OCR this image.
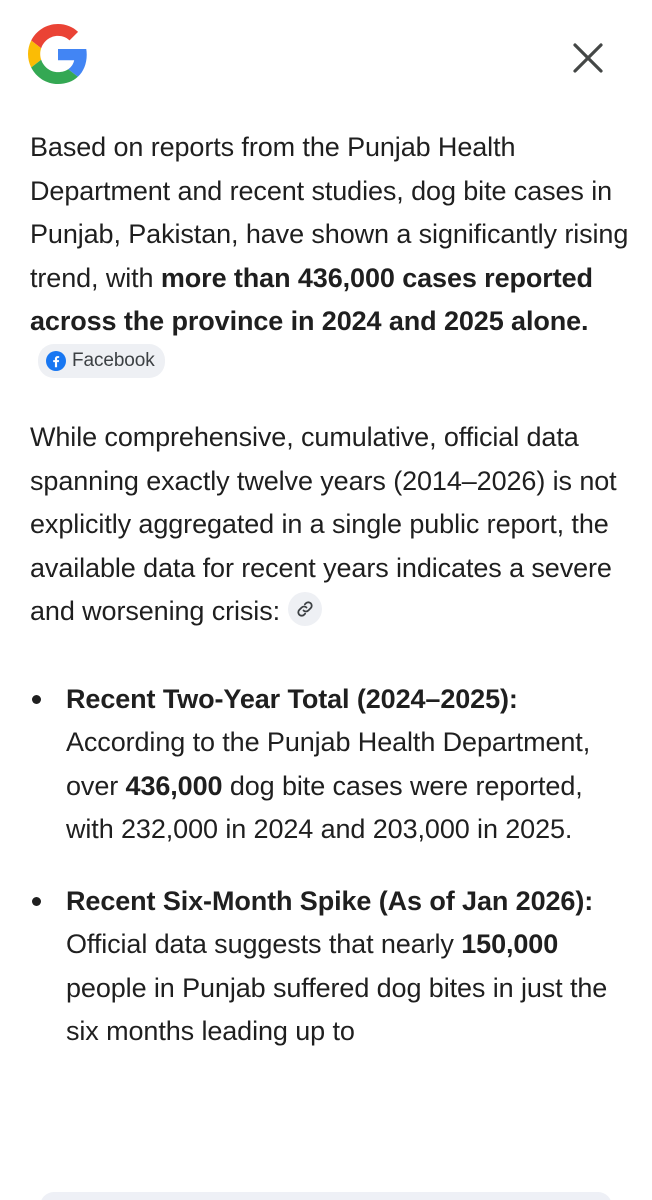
Based on reports from the Punjab Health Department and recent studies, dog bite cases in Punjab, Pakistan, have shown a significantly rising trend, with more than 436,000 cases reported across the province in 2024 and 2025 alone.
Facebook

While comprehensive, cumulative, official data spanning exactly twelve years (2014–2026) is not explicitly aggregated in a single public report, the available data for recent years indicates a severe and worsening crisis:

Recent Two-Year Total (2024–2025): According to the Punjab Health Department, over 436,000 dog bite cases were reported, with 232,000 in 2024 and 203,000 in 2025.
Recent Six-Month Spike (As of Jan 2026): Official data suggests that nearly 150,000 people in Punjab suffered dog bites in just the six months leading up to
